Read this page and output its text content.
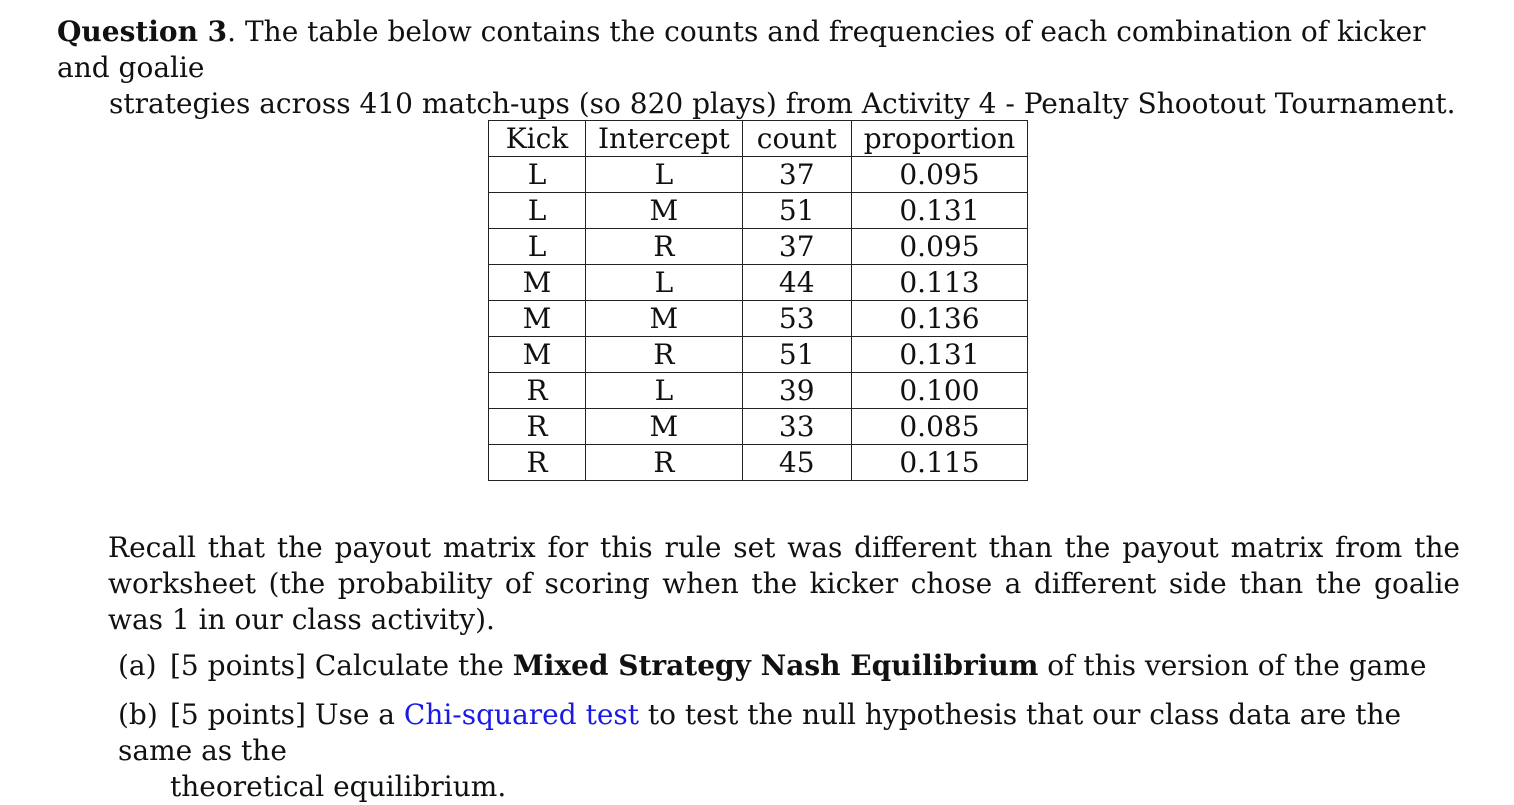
Question 3. The table below contains the counts and frequencies of each combination of kicker and goalie
strategies across 410 match-ups (so 820 plays) from Activity 4 - Penalty Shootout Tournament.
Kick	Intercept	count	proportion
L	L	37	0.095
L	M	51	0.131
L	R	37	0.095
M	L	44	0.113
M	M	53	0.136
M	R	51	0.131
R	L	39	0.100
R	M	33	0.085
R	R	45	0.115
Recall that the payout matrix for this rule set was different than the payout matrix from the worksheet (the probability of scoring when the kicker chose a different side than the goalie was 1 in our class activity).
(a) [5 points] Calculate the Mixed Strategy Nash Equilibrium of this version of the game
(b) [5 points] Use a Chi-squared test to test the null hypothesis that our class data are the same as the
theoretical equilibrium.
